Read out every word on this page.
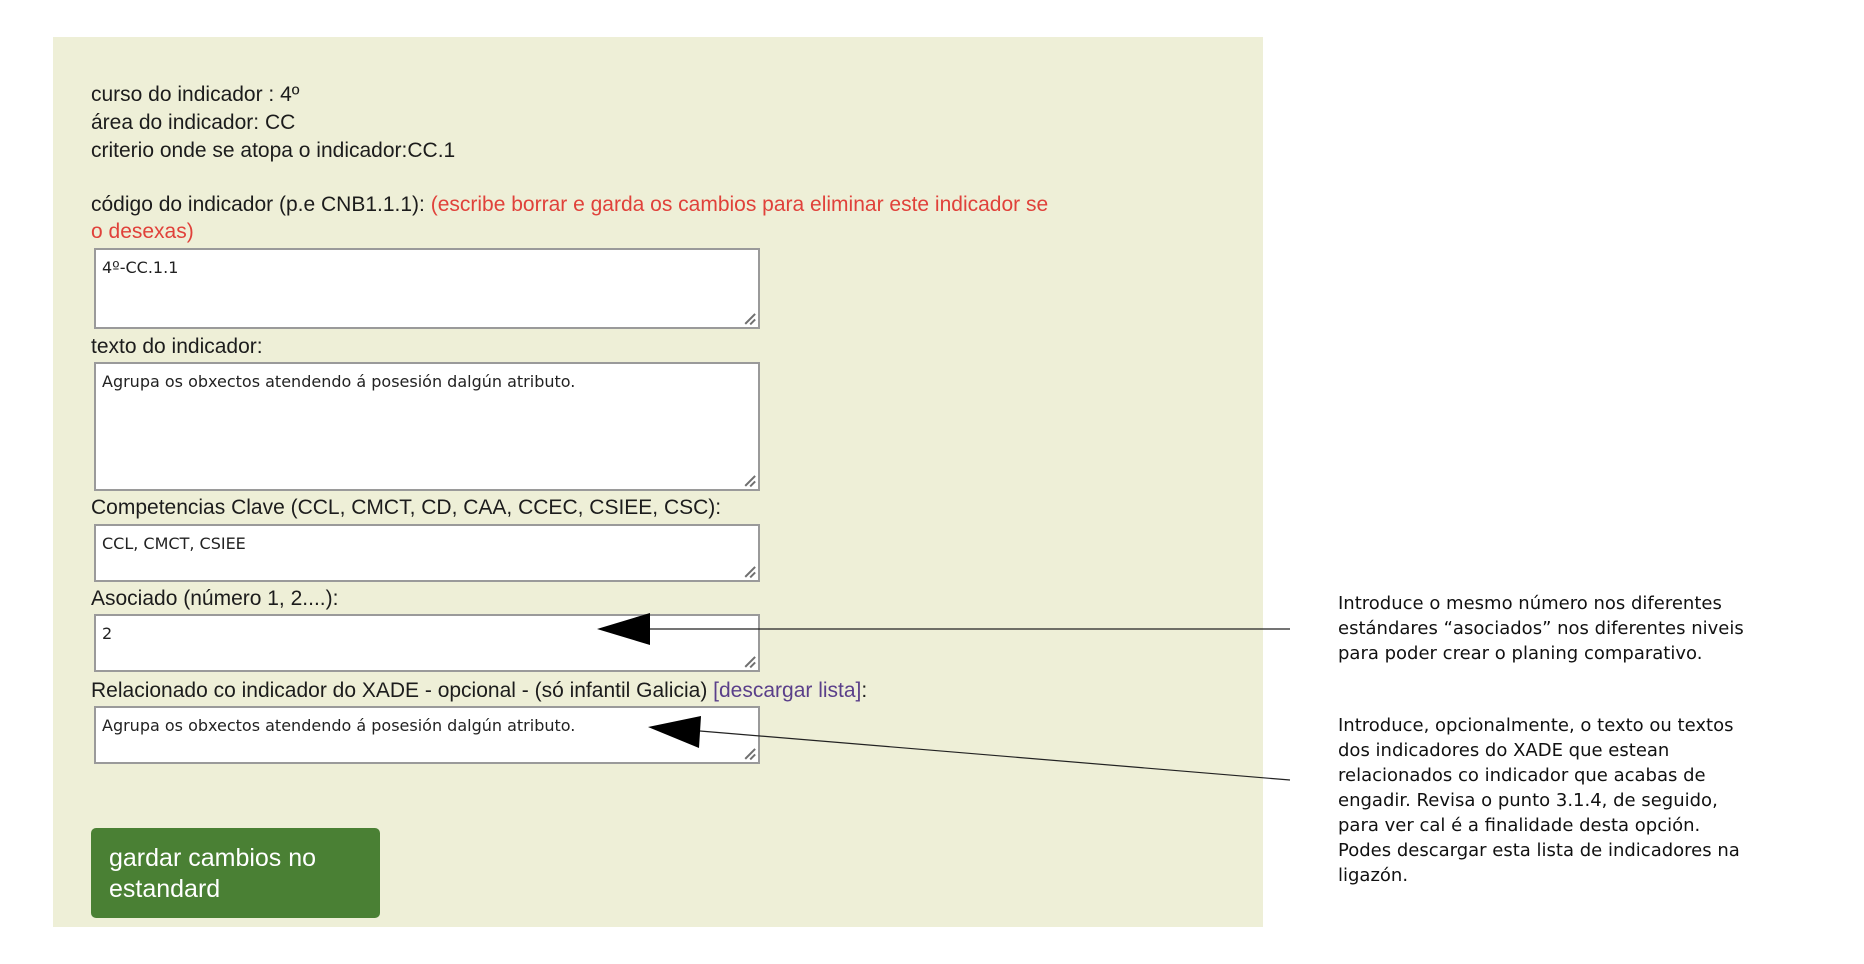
curso do indicador : 4º
área do indicador: CC
criterio onde se atopa o indicador:CC.1
código do indicador (p.e CNB1.1.1): (escribe borrar e garda os cambios para eliminar este indicador se
o desexas)
4º-CC.1.1
texto do indicador:
Agrupa os obxectos atendendo á posesión dalgún atributo.
Competencias Clave (CCL, CMCT, CD, CAA, CCEC, CSIEE, CSC):
CCL, CMCT, CSIEE
Asociado (número 1, 2....):
2
Relacionado co indicador do XADE - opcional - (só infantil Galicia) [descargar lista]:
Agrupa os obxectos atendendo á posesión dalgún atributo.
gardar cambios no
estandard
Introduce o mesmo número nos diferentes
estándares “asociados” nos diferentes niveis
para poder crear o planing comparativo.
Introduce, opcionalmente, o texto ou textos
dos indicadores do XADE que estean
relacionados co indicador que acabas de
engadir. Revisa o punto 3.1.4, de seguido,
para ver cal é a finalidade desta opción.
Podes descargar esta lista de indicadores na
ligazón.
